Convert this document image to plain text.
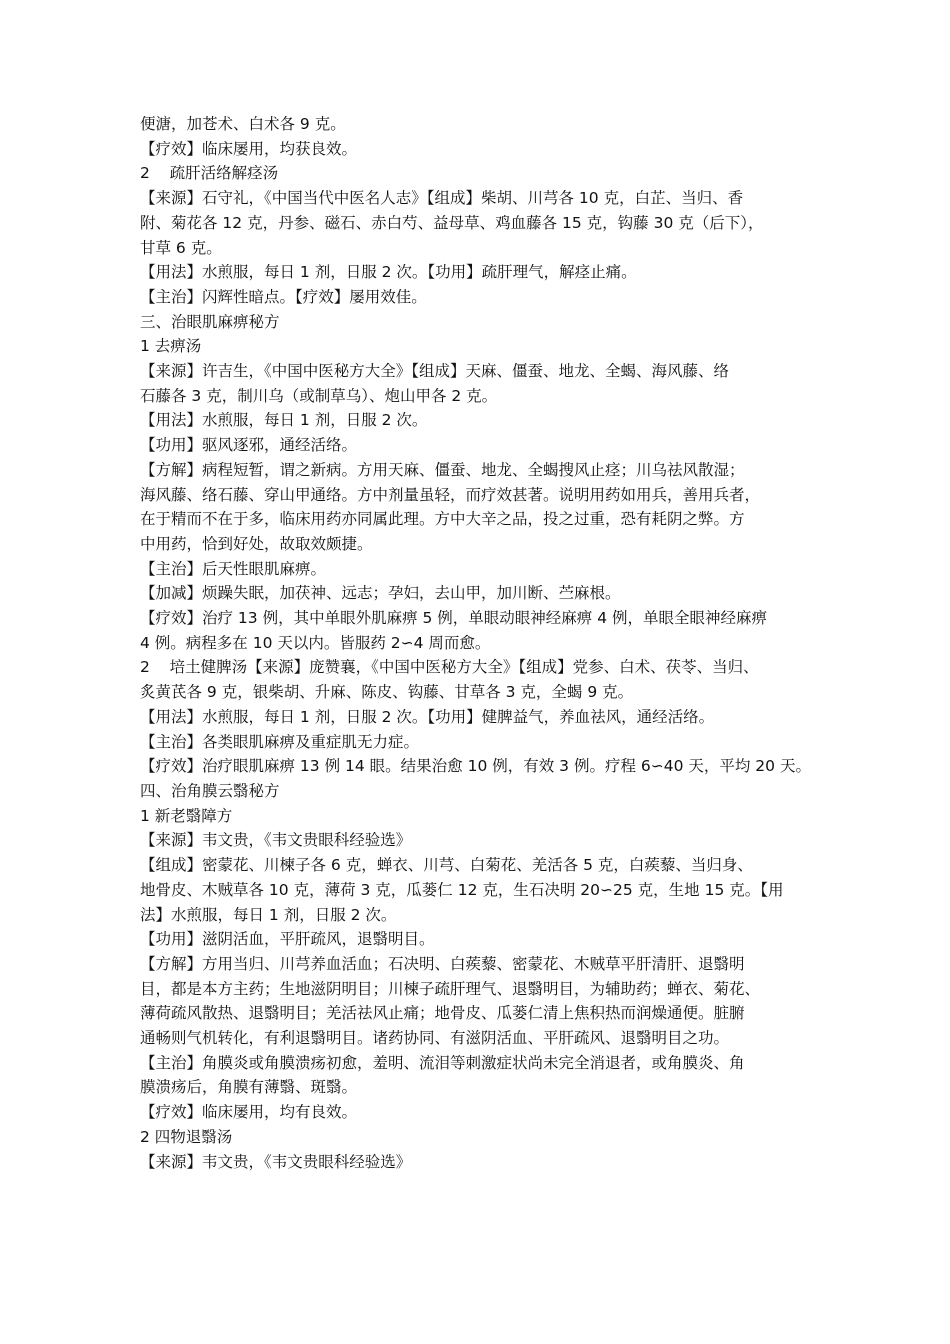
便溏，加苍术、白术各 9 克。
【疗效】临床屡用，均获良效。
2    疏肝活络解痉汤
【来源】石守礼，《中国当代中医名人志》【组成】柴胡、川芎各 10 克，白芷、当归、香
附、菊花各 12 克，丹参、磁石、赤白芍、益母草、鸡血藤各 15 克，钩藤 30 克（后下），
甘草 6 克。
【用法】水煎服，每日 1 剂，日服 2 次。【功用】疏肝理气，解痉止痛。
【主治】闪辉性暗点。【疗效】屡用效佳。
三、治眼肌麻痹秘方
1 去痹汤
【来源】许吉生，《中国中医秘方大全》【组成】天麻、僵蚕、地龙、全蝎、海风藤、络
石藤各 3 克，制川乌（或制草乌）、炮山甲各 2 克。
【用法】水煎服，每日 1 剂，日服 2 次。
【功用】驱风逐邪，通经活络。
【方解】病程短暂，谓之新病。方用天麻、僵蚕、地龙、全蝎搜风止痉；川乌祛风散湿；
海风藤、络石藤、穿山甲通络。方中剂量虽轻，而疗效甚著。说明用药如用兵，善用兵者，
在于精而不在于多，临床用药亦同属此理。方中大辛之品，投之过重，恐有耗阴之弊。方
中用药，恰到好处，故取效颇捷。
【主治】后天性眼肌麻痹。
【加减】烦躁失眠，加茯神、远志；孕妇，去山甲，加川断、苎麻根。
【疗效】治疗 13 例，其中单眼外肌麻痹 5 例，单眼动眼神经麻痹 4 例，单眼全眼神经麻痹
4 例。病程多在 10 天以内。皆服药 2∽4 周而愈。
2    培土健脾汤【来源】庞赞襄，《中国中医秘方大全》【组成】党参、白术、茯苓、当归、
炙黄芪各 9 克，银柴胡、升麻、陈皮、钩藤、甘草各 3 克，全蝎 9 克。
【用法】水煎服，每日 1 剂，日服 2 次。【功用】健脾益气，养血祛风，通经活络。
【主治】各类眼肌麻痹及重症肌无力症。
【疗效】治疗眼肌麻痹 13 例 14 眼。结果治愈 10 例，有效 3 例。疗程 6∽40 天，平均 20 天。
四、治角膜云翳秘方
1 新老翳障方
【来源】韦文贵，《韦文贵眼科经验选》
【组成】密蒙花、川楝子各 6 克，蝉衣、川芎、白菊花、羌活各 5 克，白蒺藜、当归身、
地骨皮、木贼草各 10 克，薄荷 3 克，瓜蒌仁 12 克，生石决明 20∽25 克，生地 15 克。【用
法】水煎服，每日 1 剂，日服 2 次。
【功用】滋阴活血，平肝疏风，退翳明目。
【方解】方用当归、川芎养血活血；石决明、白蒺藜、密蒙花、木贼草平肝清肝、退翳明
目，都是本方主药；生地滋阴明目；川楝子疏肝理气、退翳明目，为辅助药；蝉衣、菊花、
薄荷疏风散热、退翳明目；羌活祛风止痛；地骨皮、瓜蒌仁清上焦积热而润燥通便。脏腑
通畅则气机转化，有利退翳明目。诸药协同、有滋阴活血、平肝疏风、退翳明目之功。
【主治】角膜炎或角膜溃疡初愈，羞明、流泪等刺激症状尚未完全消退者，或角膜炎、角
膜溃疡后，角膜有薄翳、斑翳。
【疗效】临床屡用，均有良效。
2 四物退翳汤
【来源】韦文贵，《韦文贵眼科经验选》
